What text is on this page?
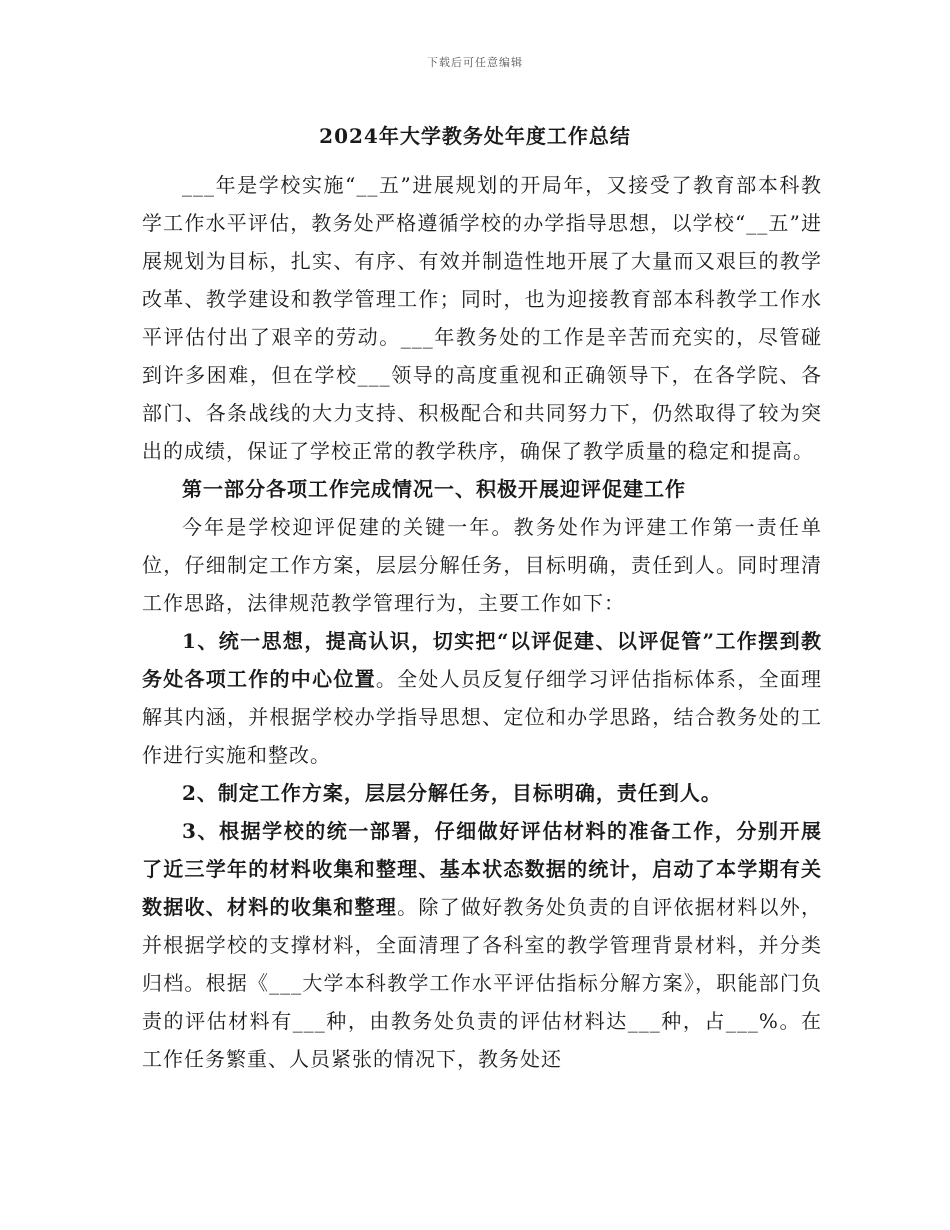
下载后可任意编辑
2024年大学教务处年度工作总结

___年是学校实施“__五”进展规划的开局年，又接受了教育部本科教学工作水平评估，教务处严格遵循学校的办学指导思想，以学校“__五”进展规划为目标，扎实、有序、有效并制造性地开展了大量而又艰巨的教学改革、教学建设和教学管理工作；同时，也为迎接教育部本科教学工作水平评估付出了艰辛的劳动。___年教务处的工作是辛苦而充实的，尽管碰到许多困难，但在学校___领导的高度重视和正确领导下，在各学院、各部门、各条战线的大力支持、积极配合和共同努力下，仍然取得了较为突出的成绩，保证了学校正常的教学秩序，确保了教学质量的稳定和提高。

第一部分各项工作完成情况一、积极开展迎评促建工作

今年是学校迎评促建的关键一年。教务处作为评建工作第一责任单位，仔细制定工作方案，层层分解任务，目标明确，责任到人。同时理清工作思路，法律规范教学管理行为，主要工作如下：

1、统一思想，提高认识，切实把“以评促建、以评促管”工作摆到教务处各项工作的中心位置。全处人员反复仔细学习评估指标体系，全面理解其内涵，并根据学校办学指导思想、定位和办学思路，结合教务处的工作进行实施和整改。

2、制定工作方案，层层分解任务，目标明确，责任到人。

3、根据学校的统一部署，仔细做好评估材料的准备工作，分别开展了近三学年的材料收集和整理、基本状态数据的统计，启动了本学期有关数据收、材料的收集和整理。除了做好教务处负责的自评依据材料以外，并根据学校的支撑材料，全面清理了各科室的教学管理背景材料，并分类归档。根据《___大学本科教学工作水平评估指标分解方案》，职能部门负责的评估材料有___种，由教务处负责的评估材料达___种，占___%。在工作任务繁重、人员紧张的情况下，教务处还
